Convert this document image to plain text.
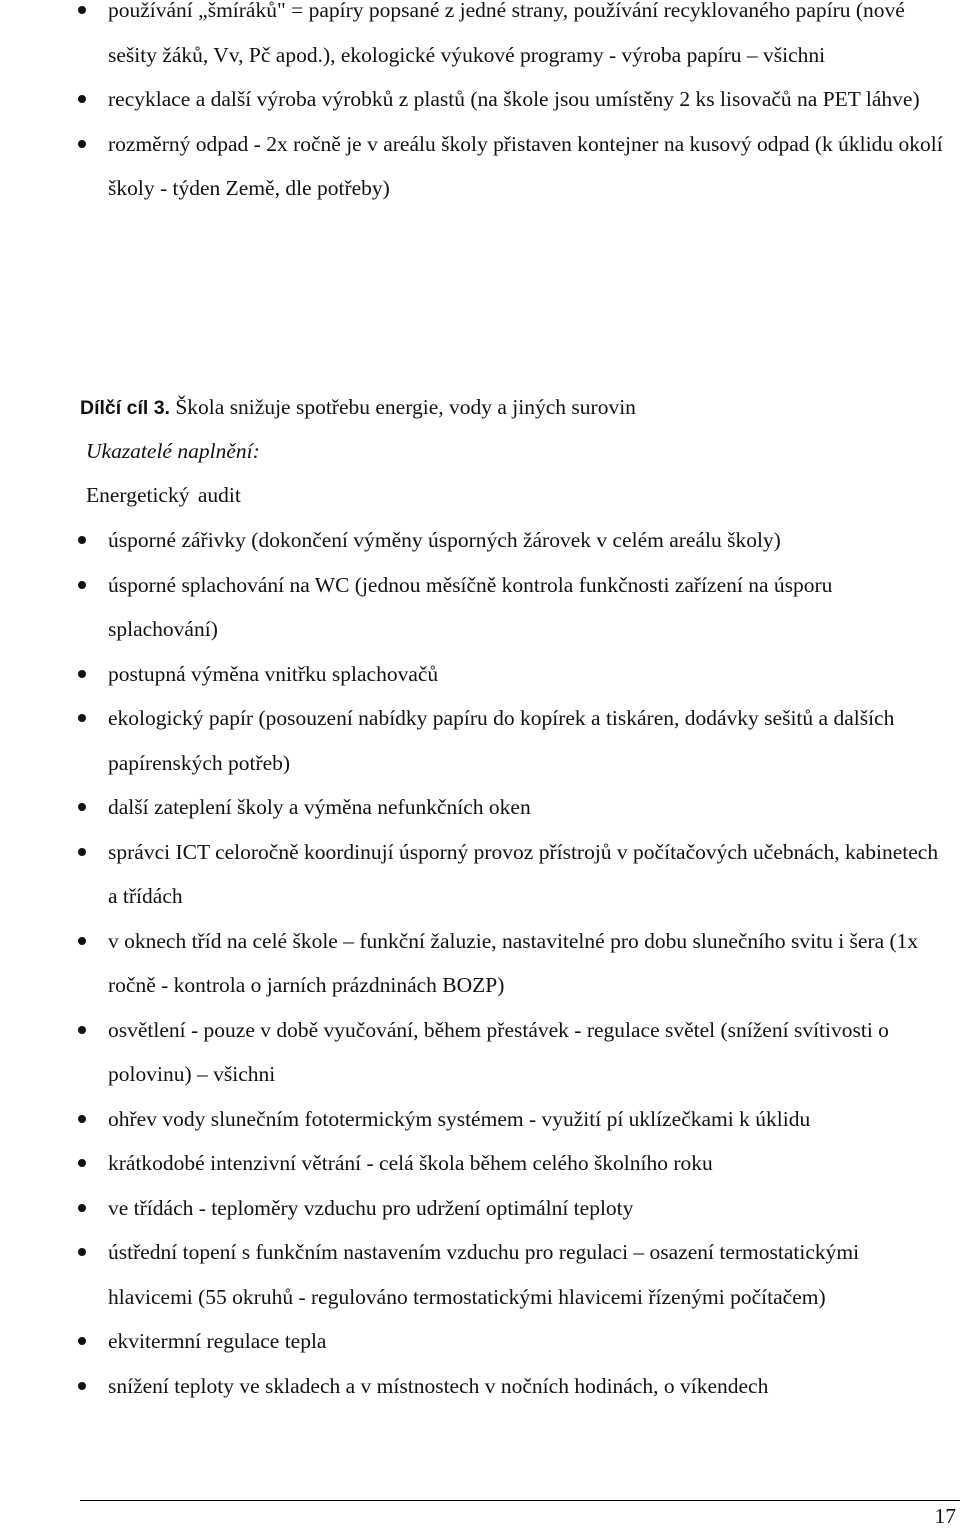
používání „šmíráků" = papíry popsané z jedné strany, používání recyklovaného papíru (nové sešity žáků, Vv, Pč apod.), ekologické výukové programy - výroba papíru – všichni
recyklace a další výroba výrobků z plastů (na škole jsou umístěny 2 ks lisovačů na PET láhve)
rozměrný odpad - 2x ročně je v areálu školy přistaven kontejner na kusový odpad (k úklidu okolí školy - týden Země, dle potřeby)
Dílčí cíl 3. Škola snižuje spotřebu energie, vody a jiných surovin
Ukazatelé naplnění:
Energetický audit
úsporné zářivky (dokončení výměny úsporných žárovek v celém areálu školy)
úsporné splachování na WC (jednou měsíčně kontrola funkčnosti zařízení na úsporu splachování)
postupná výměna vnitřku splachovačů
ekologický papír (posouzení nabídky papíru do kopírek a tiskáren, dodávky sešitů a dalších papírenských potřeb)
další zateplení školy a výměna nefunkčních oken
správci ICT celoročně koordinují úsporný provoz přístrojů v počítačových učebnách, kabinetech a třídách
v oknech tříd na celé škole – funkční žaluzie, nastavitelné pro dobu slunečního svitu i šera (1x ročně - kontrola o jarních prázdninách BOZP)
osvětlení - pouze v době vyučování, během přestávek - regulace světel (snížení svítivosti o polovinu) – všichni
ohřev vody slunečním fototermickým systémem - využití pí uklízečkami k úklidu
krátkodobé intenzivní větrání - celá škola během celého školního roku
ve třídách - teploměry vzduchu pro udržení optimální teploty
ústřední topení s funkčním nastavením vzduchu pro regulaci – osazení termostatickými hlavicemi (55 okruhů - regulováno termostatickými hlavicemi řízenými počítačem)
ekvitermní regulace tepla
snížení teploty ve skladech a v místnostech v nočních hodinách, o víkendech
17
